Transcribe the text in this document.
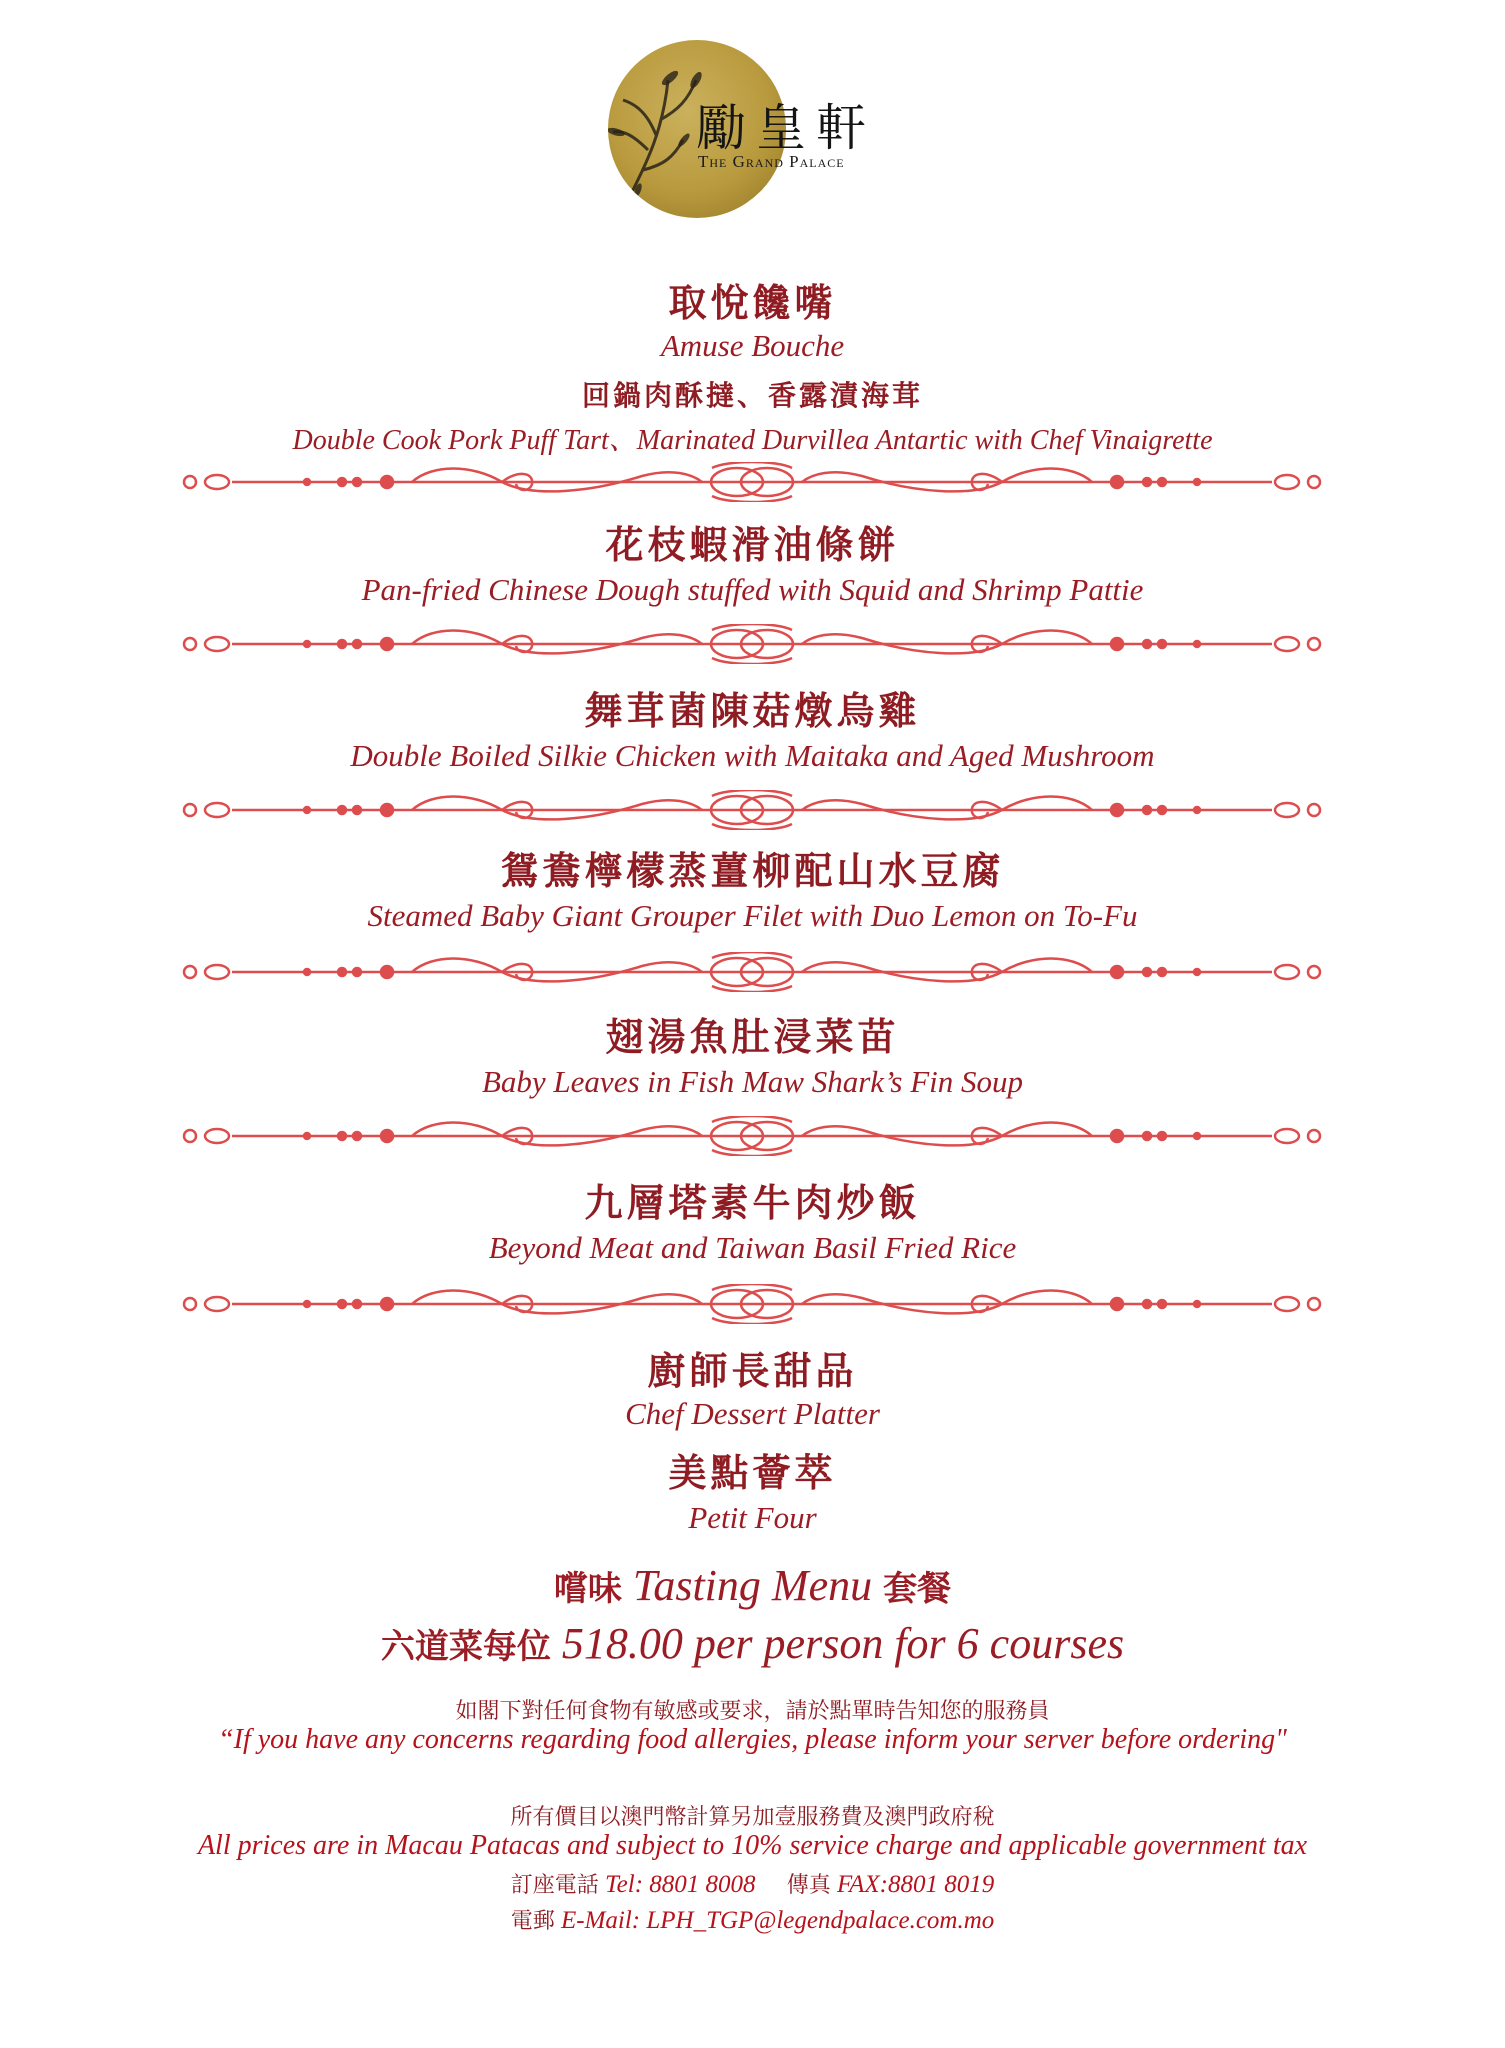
勵皇軒
The Grand Palace
取悅饞嘴
Amuse Bouche
回鍋肉酥撻、香露漬海茸
Double Cook Pork Puff Tart、Marinated Durvillea Antartic with Chef Vinaigrette
花枝蝦滑油條餅
Pan-fried Chinese Dough stuffed with Squid and Shrimp Pattie
舞茸菌陳菇燉烏雞
Double Boiled Silkie Chicken with Maitaka and Aged Mushroom
鴛鴦檸檬蒸薑柳配山水豆腐
Steamed Baby Giant Grouper Filet with Duo Lemon on To-Fu
翅湯魚肚浸菜苗
Baby Leaves in Fish Maw Shark’s Fin Soup
九層塔素牛肉炒飯
Beyond Meat and Taiwan Basil Fried Rice
廚師長甜品
Chef Dessert Platter
美點薈萃
Petit Four
嚐味 Tasting Menu 套餐
六道菜每位 518.00 per person for 6 courses
如閣下對任何食物有敏感或要求，請於點單時告知您的服務員
“If you have any concerns regarding food allergies, please inform your server before ordering"
所有價目以澳門幣計算另加壹服務費及澳門政府稅
All prices are in Macau Patacas and subject to 10% service charge and applicable government tax
訂座電話 Tel: 8801 8008 傳真 FAX:8801 8019
電郵 E-Mail: LPH_TGP@legendpalace.com.mo
